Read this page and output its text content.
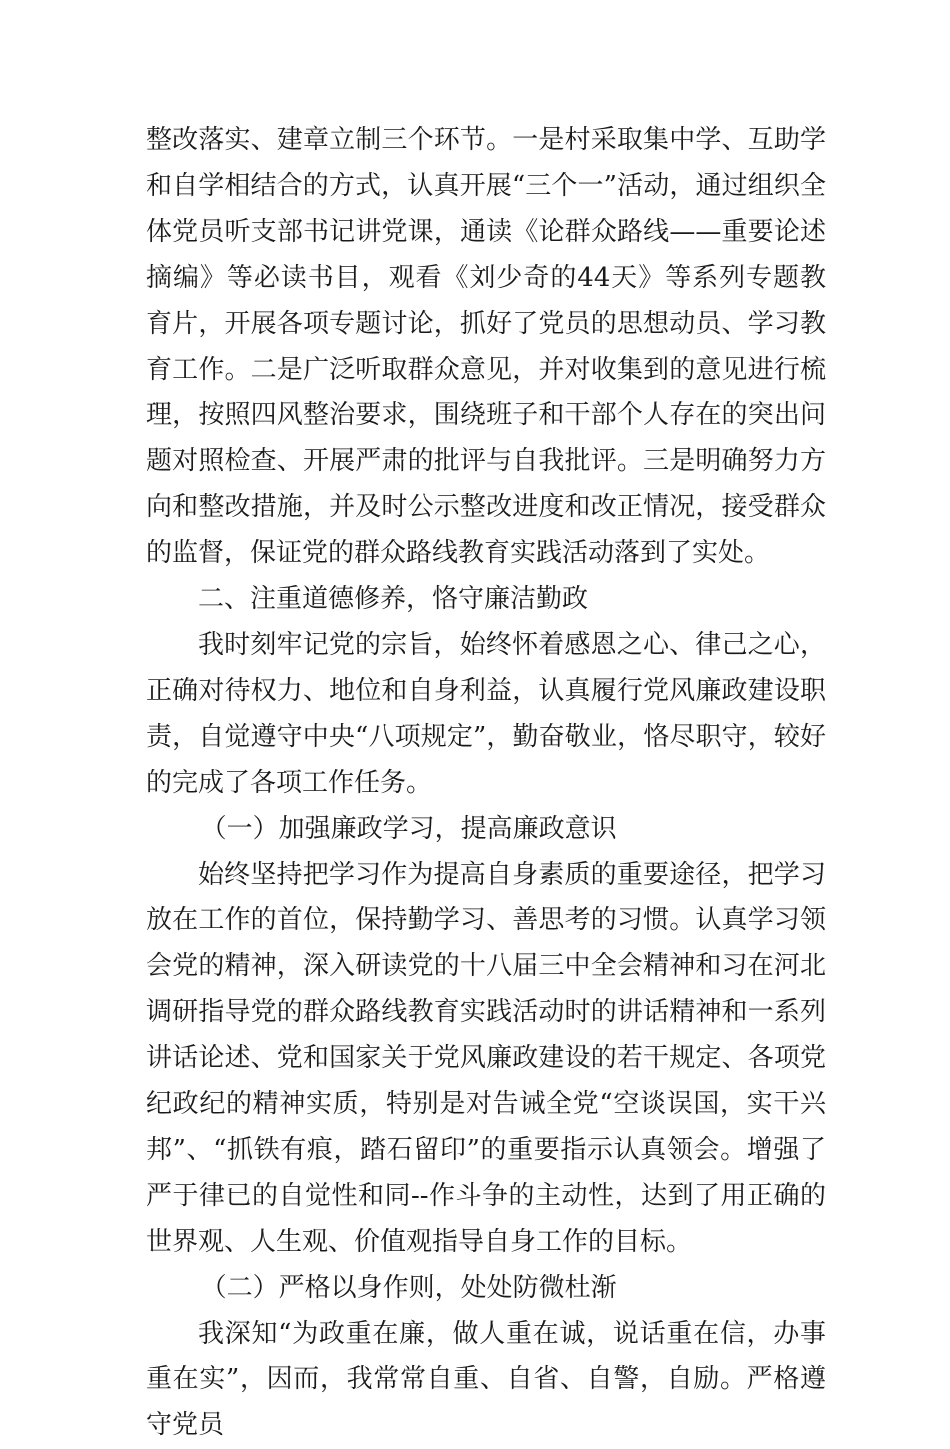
整改落实、建章立制三个环节。一是村采取集中学、互助学和自学相结合的方式，认真开展“三个一”活动，通过组织全体党员听支部书记讲党课，通读《论群众路线——重要论述摘编》等必读书目，观看《刘少奇的44天》等系列专题教育片，开展各项专题讨论，抓好了党员的思想动员、学习教育工作。二是广泛听取群众意见，并对收集到的意见进行梳理，按照四风整治要求，围绕班子和干部个人存在的突出问题对照检查、开展严肃的批评与自我批评。三是明确努力方向和整改措施，并及时公示整改进度和改正情况，接受群众的监督，保证党的群众路线教育实践活动落到了实处。

二、注重道德修养，恪守廉洁勤政

我时刻牢记党的宗旨，始终怀着感恩之心、律己之心，正确对待权力、地位和自身利益，认真履行党风廉政建设职责，自觉遵守中央“八项规定”，勤奋敬业，恪尽职守，较好的完成了各项工作任务。

（一）加强廉政学习，提高廉政意识

始终坚持把学习作为提高自身素质的重要途径，把学习放在工作的首位，保持勤学习、善思考的习惯。认真学习领会党的精神，深入研读党的十八届三中全会精神和习在河北调研指导党的群众路线教育实践活动时的讲话精神和一系列讲话论述、党和国家关于党风廉政建设的若干规定、各项党纪政纪的精神实质，特别是对告诫全党“空谈误国，实干兴邦”、“抓铁有痕，踏石留印”的重要指示认真领会。增强了严于律已的自觉性和同--作斗争的主动性，达到了用正确的世界观、人生观、价值观指导自身工作的目标。

（二）严格以身作则，处处防微杜渐

我深知“为政重在廉，做人重在诚，说话重在信，办事重在实”，因而，我常常自重、自省、自警，自励。严格遵守党员
